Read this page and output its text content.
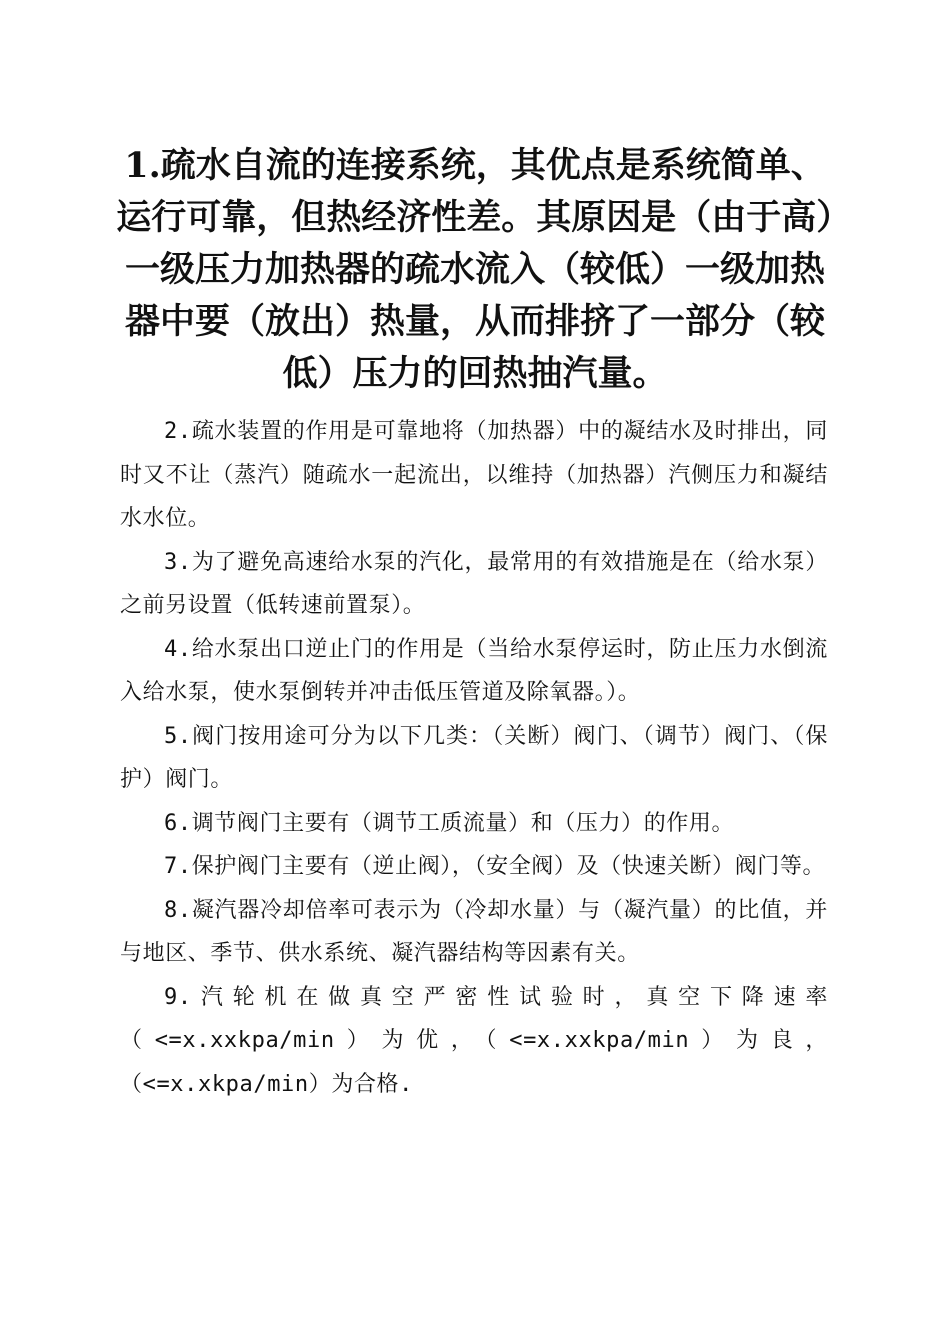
1.疏水自流的连接系统，其优点是系统简单、运行可靠，但热经济性差。其原因是（由于高）一级压力加热器的疏水流入（较低）一级加热器中要（放出）热量，从而排挤了一部分（较低）压力的回热抽汽量。

2.疏水装置的作用是可靠地将（加热器）中的凝结水及时排出，同时又不让（蒸汽）随疏水一起流出，以维持（加热器）汽侧压力和凝结水水位。

3.为了避免高速给水泵的汽化，最常用的有效措施是在（给水泵）之前另设置（低转速前置泵）。

4.给水泵出口逆止门的作用是（当给水泵停运时，防止压力水倒流入给水泵，使水泵倒转并冲击低压管道及除氧器。）。

5.阀门按用途可分为以下几类：（关断）阀门、（调节）阀门、（保护）阀门。

6.调节阀门主要有（调节工质流量）和（压力）的作用。

7.保护阀门主要有（逆止阀），（安全阀）及（快速关断）阀门等。

8.凝汽器冷却倍率可表示为（冷却水量）与（凝汽量）的比值，并与地区、季节、供水系统、凝汽器结构等因素有关。

9.汽轮机在做真空严密性试验时，真空下降速率（<=x.xxkpa/min）为优，（<=x.xxkpa/min）为良，（<=x.xkpa/min）为合格.
